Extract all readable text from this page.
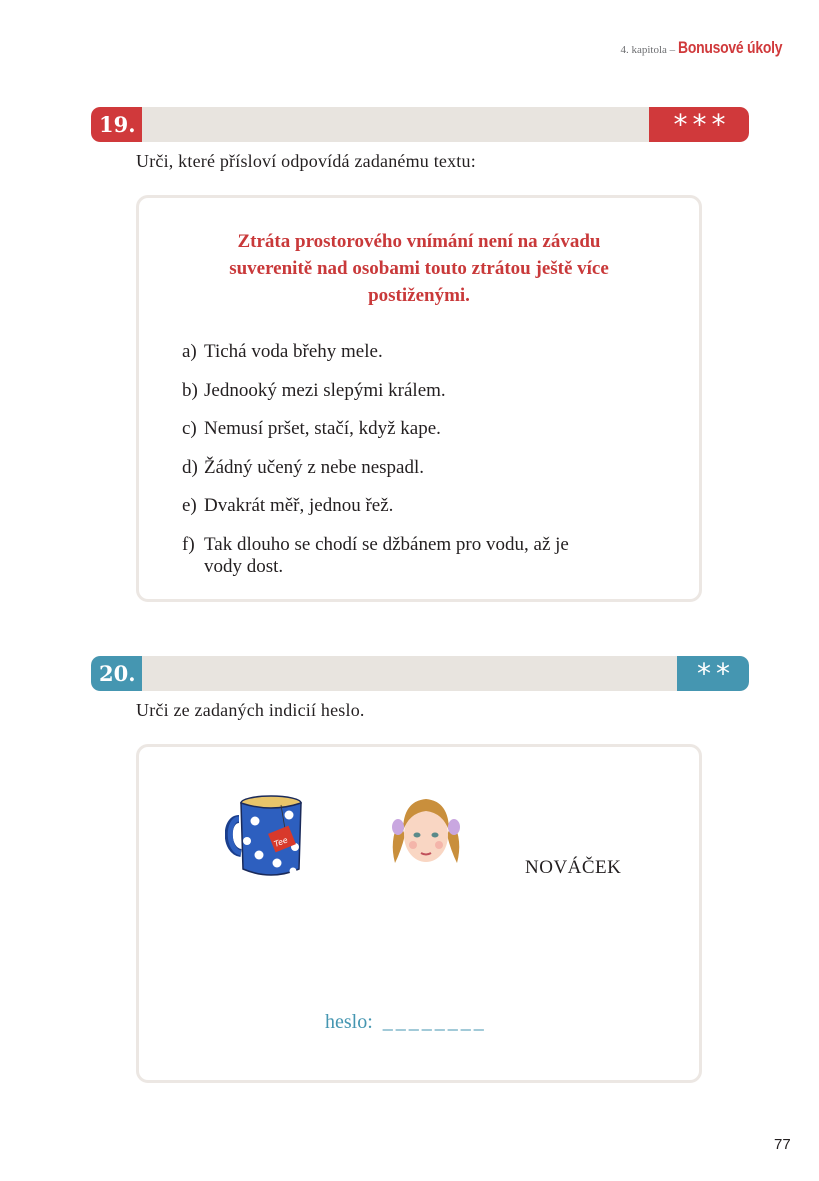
4. kapitola – Bonusové úkoly
19.	***
Urči, které přísloví odpovídá zadanému textu:
Ztráta prostorového vnímání není na závadu
suverenitě nad osobami touto ztrátou ještě více
postiženými.
a) Tichá voda břehy mele.
b) Jednooký mezi slepými králem.
c) Nemusí pršet, stačí, když kape.
d) Žádný učený z nebe nespadl.
e) Dvakrát měř, jednou řež.
f) Tak dlouho se chodí se džbánem pro vodu, až je vody dost.
20.	**
Urči ze zadaných indicií heslo.
Tee
NOVÁČEK
heslo: ________
77
